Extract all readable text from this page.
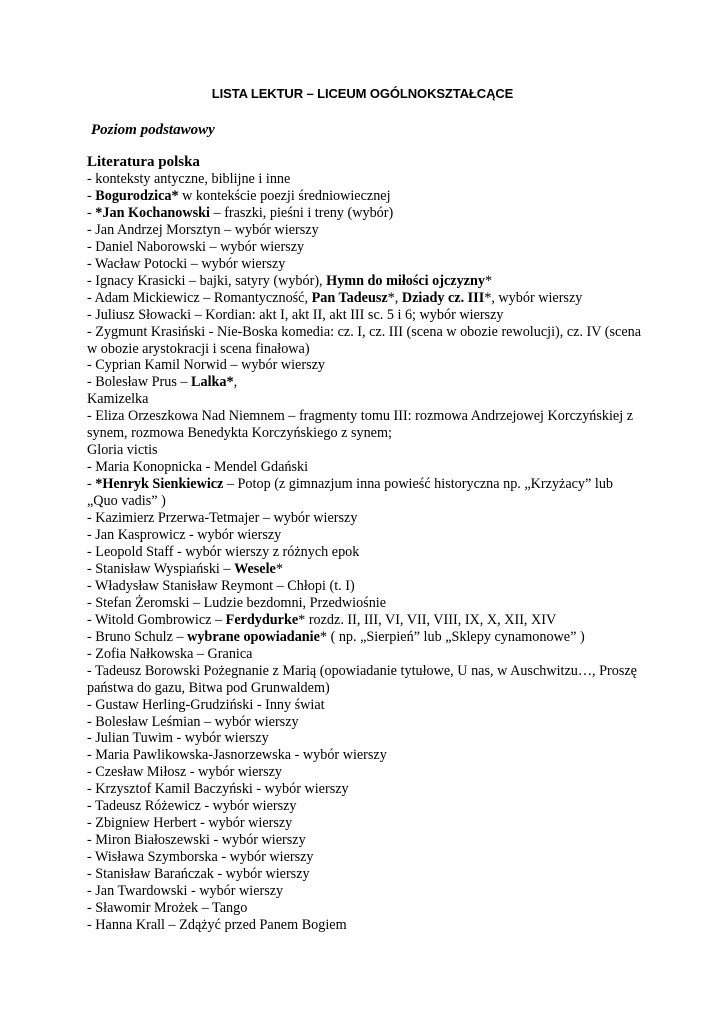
LISTA LEKTUR – LICEUM OGÓLNOKSZTAŁCĄCE
Poziom podstawowy
Literatura polska
- konteksty antyczne, biblijne i inne
- Bogurodzica* w kontekście poezji średniowiecznej
- *Jan Kochanowski – fraszki, pieśni i treny (wybór)
- Jan Andrzej Morsztyn – wybór wierszy
- Daniel Naborowski – wybór wierszy
- Wacław Potocki – wybór wierszy
- Ignacy Krasicki – bajki, satyry (wybór), Hymn do miłości ojczyzny*
- Adam Mickiewicz – Romantyczność, Pan Tadeusz*, Dziady cz. III*, wybór wierszy
- Juliusz Słowacki – Kordian: akt I, akt II, akt III sc. 5 i 6; wybór wierszy
- Zygmunt Krasiński - Nie-Boska komedia: cz. I, cz. III (scena w obozie rewolucji), cz. IV (scena w obozie arystokracji i scena finałowa)
- Cyprian Kamil Norwid – wybór wierszy
- Bolesław Prus – Lalka*,
Kamizelka
- Eliza Orzeszkowa Nad Niemnem – fragmenty tomu III: rozmowa Andrzejowej Korczyńskiej z synem, rozmowa Benedykta Korczyńskiego z synem;
Gloria victis
- Maria Konopnicka - Mendel Gdański
- *Henryk Sienkiewicz – Potop (z gimnazjum inna powieść historyczna np. „Krzyżacy” lub „Quo vadis” )
- Kazimierz Przerwa-Tetmajer – wybór wierszy
- Jan Kasprowicz - wybór wierszy
- Leopold Staff - wybór wierszy z różnych epok
- Stanisław Wyspiański – Wesele*
- Władysław Stanisław Reymont – Chłopi (t. I)
- Stefan Żeromski – Ludzie bezdomni, Przedwiośnie
- Witold Gombrowicz – Ferdydurke* rozdz. II, III, VI, VII, VIII, IX, X, XII, XIV
- Bruno Schulz – wybrane opowiadanie* ( np. „Sierpień” lub „Sklepy cynamonowe” )
- Zofia Nałkowska – Granica
- Tadeusz Borowski Pożegnanie z Marią (opowiadanie tytułowe, U nas, w Auschwitzu…, Proszę państwa do gazu, Bitwa pod Grunwaldem)
- Gustaw Herling-Grudziński - Inny świat
- Bolesław Leśmian – wybór wierszy
- Julian Tuwim - wybór wierszy
- Maria Pawlikowska-Jasnorzewska - wybór wierszy
- Czesław Miłosz - wybór wierszy
- Krzysztof Kamil Baczyński - wybór wierszy
- Tadeusz Różewicz - wybór wierszy
- Zbigniew Herbert - wybór wierszy
- Miron Białoszewski - wybór wierszy
- Wisława Szymborska - wybór wierszy
- Stanisław Barańczak - wybór wierszy
- Jan Twardowski - wybór wierszy
- Sławomir Mrożek – Tango
- Hanna Krall – Zdążyć przed Panem Bogiem
